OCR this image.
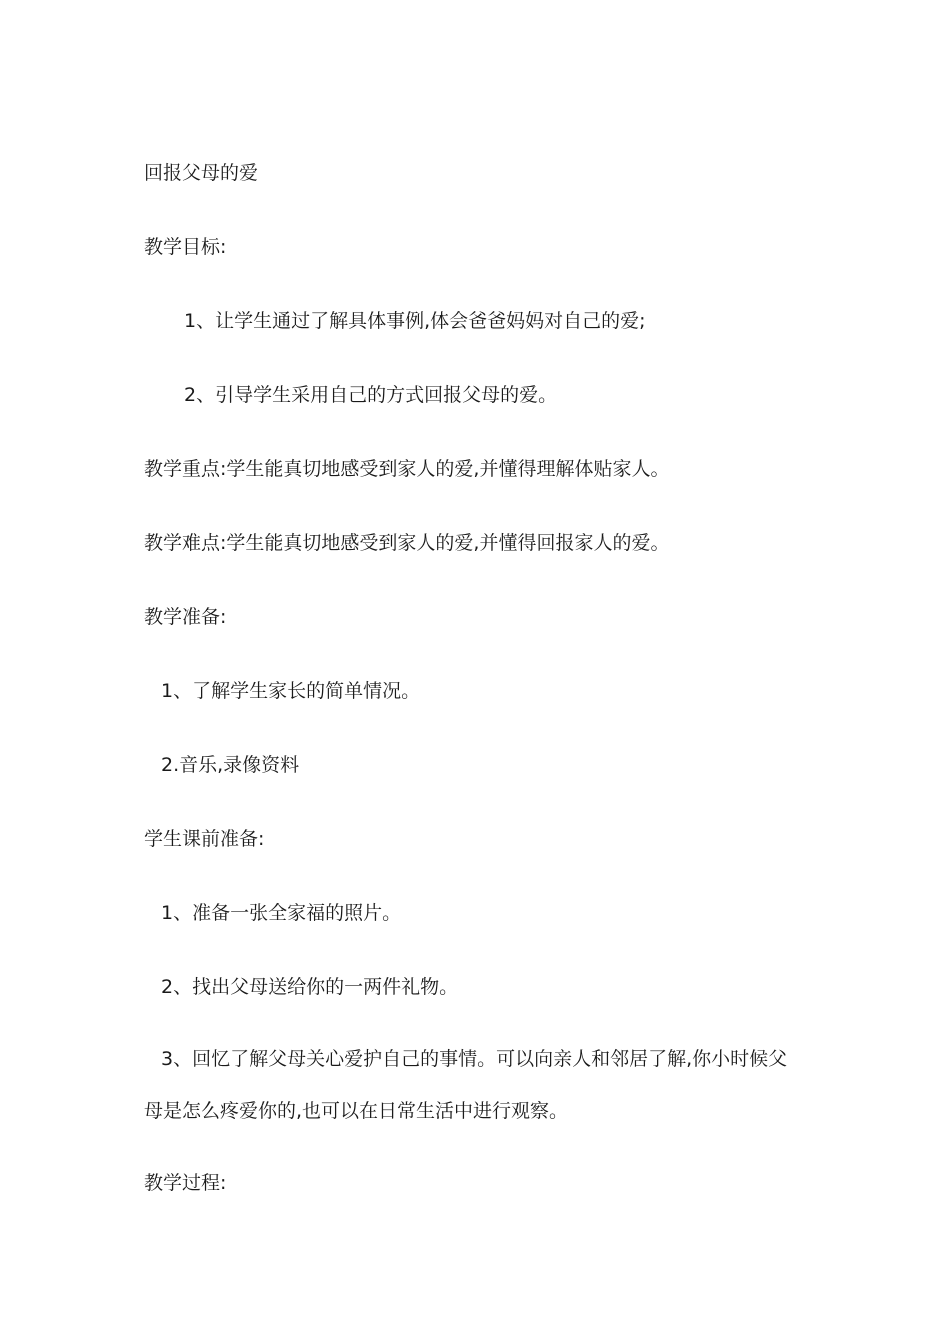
回报父母的爱
教学目标:
1、让学生通过了解具体事例,体会爸爸妈妈对自己的爱;
2、引导学生采用自己的方式回报父母的爱。
教学重点:学生能真切地感受到家人的爱,并懂得理解体贴家人。
教学难点:学生能真切地感受到家人的爱,并懂得回报家人的爱。
教学准备:
1、了解学生家长的简单情况。
2.音乐,录像资料
学生课前准备:
1、准备一张全家福的照片。
2、找出父母送给你的一两件礼物。
3、回忆了解父母关心爱护自己的事情。可以向亲人和邻居了解,你小时候父
母是怎么疼爱你的,也可以在日常生活中进行观察。
教学过程:
